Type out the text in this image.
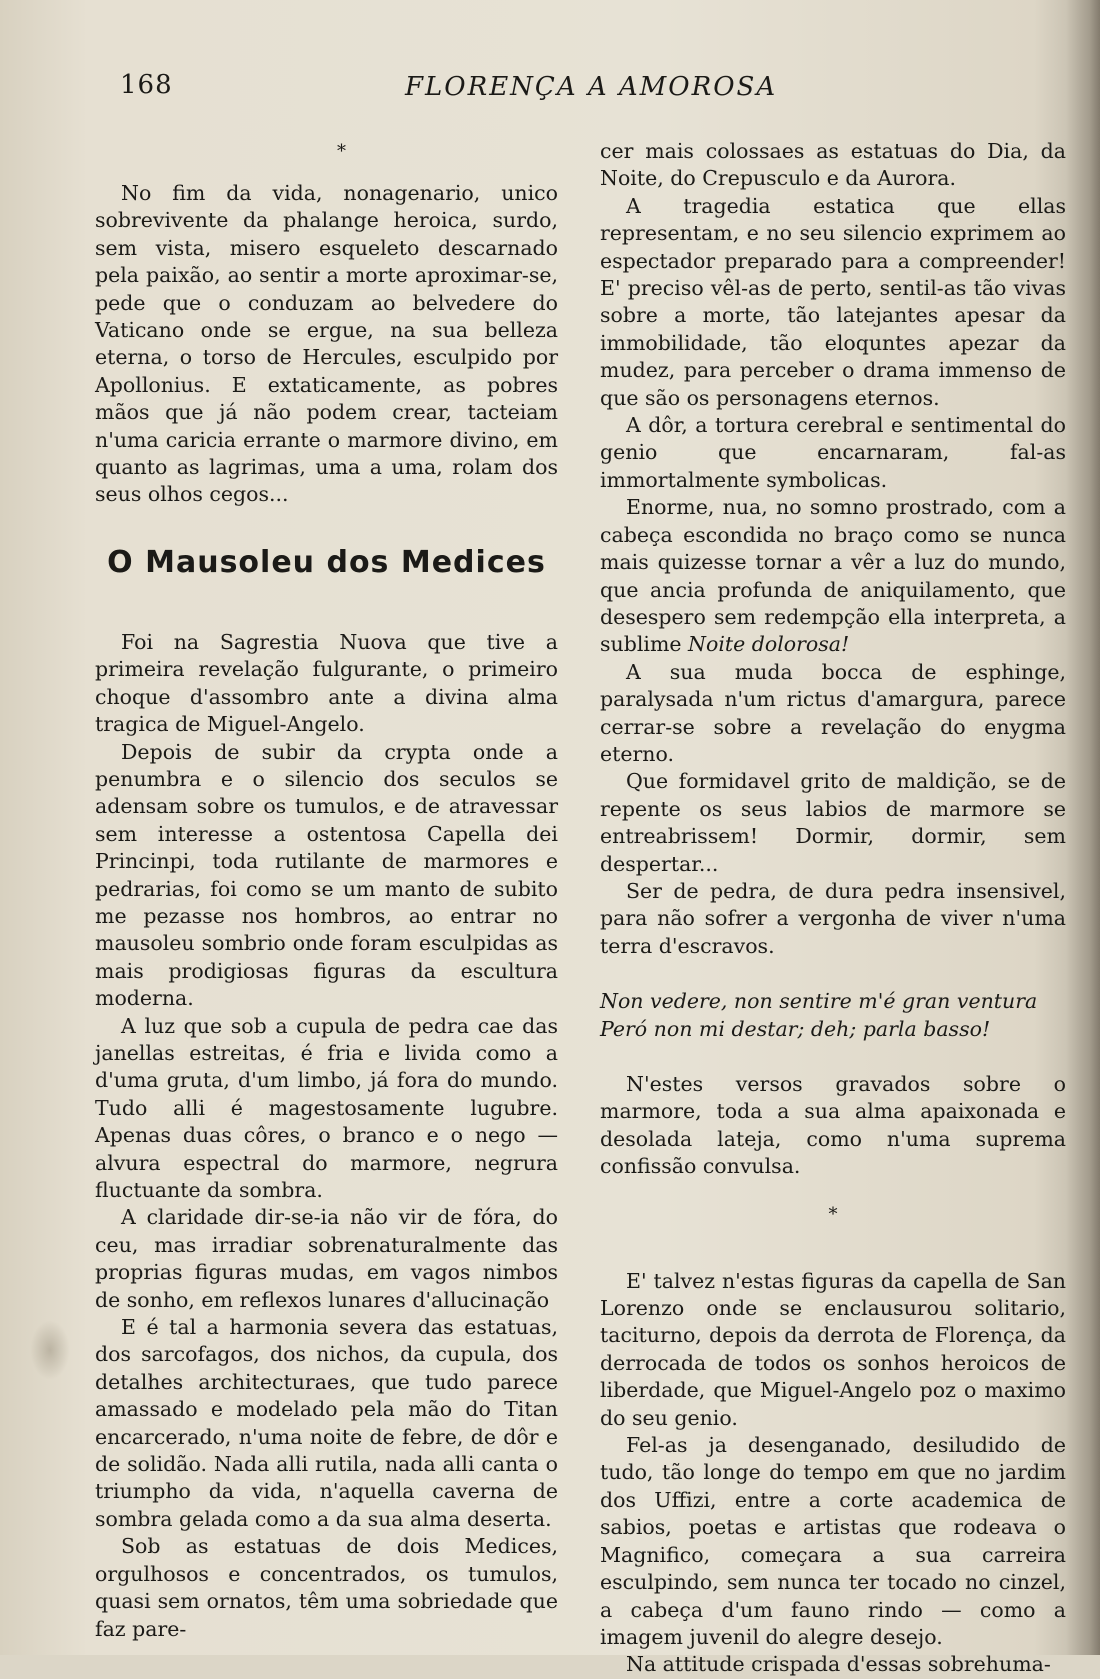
168	FLORENÇA A AMOROSA
*

No fim da vida, nonagenario, unico sobrevivente da phalange heroica, surdo, sem vista, misero esqueleto descarnado pela paixão, ao sentir a morte aproximar-se, pede que o conduzam ao belvedere do Vaticano onde se ergue, na sua belleza eterna, o torso de Hercules, esculpido por Apollonius. E extaticamente, as pobres mãos que já não podem crear, tacteiam n'uma caricia errante o marmore divino, em quanto as lagrimas, uma a uma, rolam dos seus olhos cegos...

O Mausoleu dos Medices

Foi na Sagrestia Nuova que tive a primeira revelação fulgurante, o primeiro choque d'assombro ante a divina alma tragica de Miguel-Angelo.

Depois de subir da crypta onde a penumbra e o silencio dos seculos se adensam sobre os tumulos, e de atravessar sem interesse a ostentosa Capella dei Princinpi, toda rutilante de marmores e pedrarias, foi como se um manto de subito me pezasse nos hombros, ao entrar no mausoleu sombrio onde foram esculpidas as mais prodigiosas figuras da escultura moderna.

A luz que sob a cupula de pedra cae das janellas estreitas, é fria e livida como a d'uma gruta, d'um limbo, já fora do mundo. Tudo alli é magestosamente lugubre. Apenas duas côres, o branco e o nego — alvura espectral do marmore, negrura fluctuante da sombra.

A claridade dir-se-ia não vir de fóra, do ceu, mas irradiar sobrenaturalmente das proprias figuras mudas, em vagos nimbos de sonho, em reflexos lunares d'allucinação

E é tal a harmonia severa das estatuas, dos sarcofagos, dos nichos, da cupula, dos detalhes architecturaes, que tudo parece amassado e modelado pela mão do Titan encarcerado, n'uma noite de febre, de dôr e de solidão. Nada alli rutila, nada alli canta o triumpho da vida, n'aquella caverna de sombra gelada como a da sua alma deserta.

Sob as estatuas de dois Medices, orgulhosos e concentrados, os tumulos, quasi sem ornatos, têm uma sobriedade que faz pare-

cer mais colossaes as estatuas do Dia, da Noite, do Crepusculo e da Aurora.

A tragedia estatica que ellas representam, e no seu silencio exprimem ao espectador preparado para a compreender! E' preciso vêl-as de perto, sentil-as tão vivas sobre a morte, tão latejantes apesar da immobilidade, tão eloquntes apezar da mudez, para perceber o drama immenso de que são os personagens eternos.

A dôr, a tortura cerebral e sentimental do genio que encarnaram, fal-as immortalmente symbolicas.

Enorme, nua, no somno prostrado, com a cabeça escondida no braço como se nunca mais quizesse tornar a vêr a luz do mundo, que ancia profunda de aniquilamento, que desespero sem redempção ella interpreta, a sublime Noite dolorosa!

A sua muda bocca de esphinge, paralysada n'um rictus d'amargura, parece cerrar-se sobre a revelação do enygma eterno.

Que formidavel grito de maldição, se de repente os seus labios de marmore se entreabrissem! Dormir, dormir, sem despertar...

Ser de pedra, de dura pedra insensivel, para não sofrer a vergonha de viver n'uma terra d'escravos.

Non vedere, non sentire m'é gran ventura
Peró non mi destar; deh; parla basso!

N'estes versos gravados sobre o marmore, toda a sua alma apaixonada e desolada lateja, como n'uma suprema confissão convulsa.

*

E' talvez n'estas figuras da capella de San Lorenzo onde se enclausurou solitario, taciturno, depois da derrota de Florença, da derrocada de todos os sonhos heroicos de liberdade, que Miguel-Angelo poz o maximo do seu genio.

Fel-as ja desenganado, desiludido de tudo, tão longe do tempo em que no jardim dos Uffizi, entre a corte academica de sabios, poetas e artistas que rodeava o Magnifico, começara a sua carreira esculpindo, sem nunca ter tocado no cinzel, a cabeça d'um fauno rindo — como a imagem juvenil do alegre desejo.

Na attitude crispada d'essas sobrehuma-
